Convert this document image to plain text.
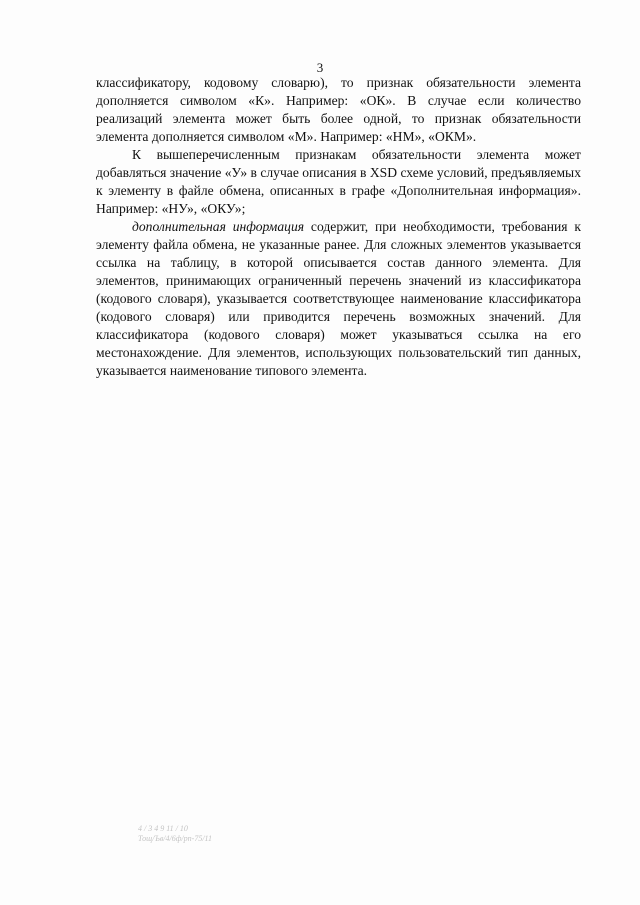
3

классификатору, кодовому словарю), то признак обязательности элемента дополняется символом «К». Например: «ОК». В случае если количество реализаций элемента может быть более одной, то признак обязательности элемента дополняется символом «М». Например: «НМ», «ОКМ».

К вышеперечисленным признакам обязательности элемента может добавляться значение «У» в случае описания в XSD схеме условий, предъявляемых к элементу в файле обмена, описанных в графе «Дополнительная информация». Например: «НУ», «ОКУ»;

дополнительная информация содержит, при необходимости, требования к элементу файла обмена, не указанные ранее. Для сложных элементов указывается ссылка на таблицу, в которой описывается состав данного элемента. Для элементов, принимающих ограниченный перечень значений из классификатора (кодового словаря), указывается соответствующее наименование классификатора (кодового словаря) или приводится перечень возможных значений. Для классификатора (кодового словаря) может указываться ссылка на его местонахождение. Для элементов, использующих пользовательский тип данных, указывается наименование типового элемента.

4 / 3 4 9 11 / 10
Тощ/Ъв/4/6ф/рп-75/11
